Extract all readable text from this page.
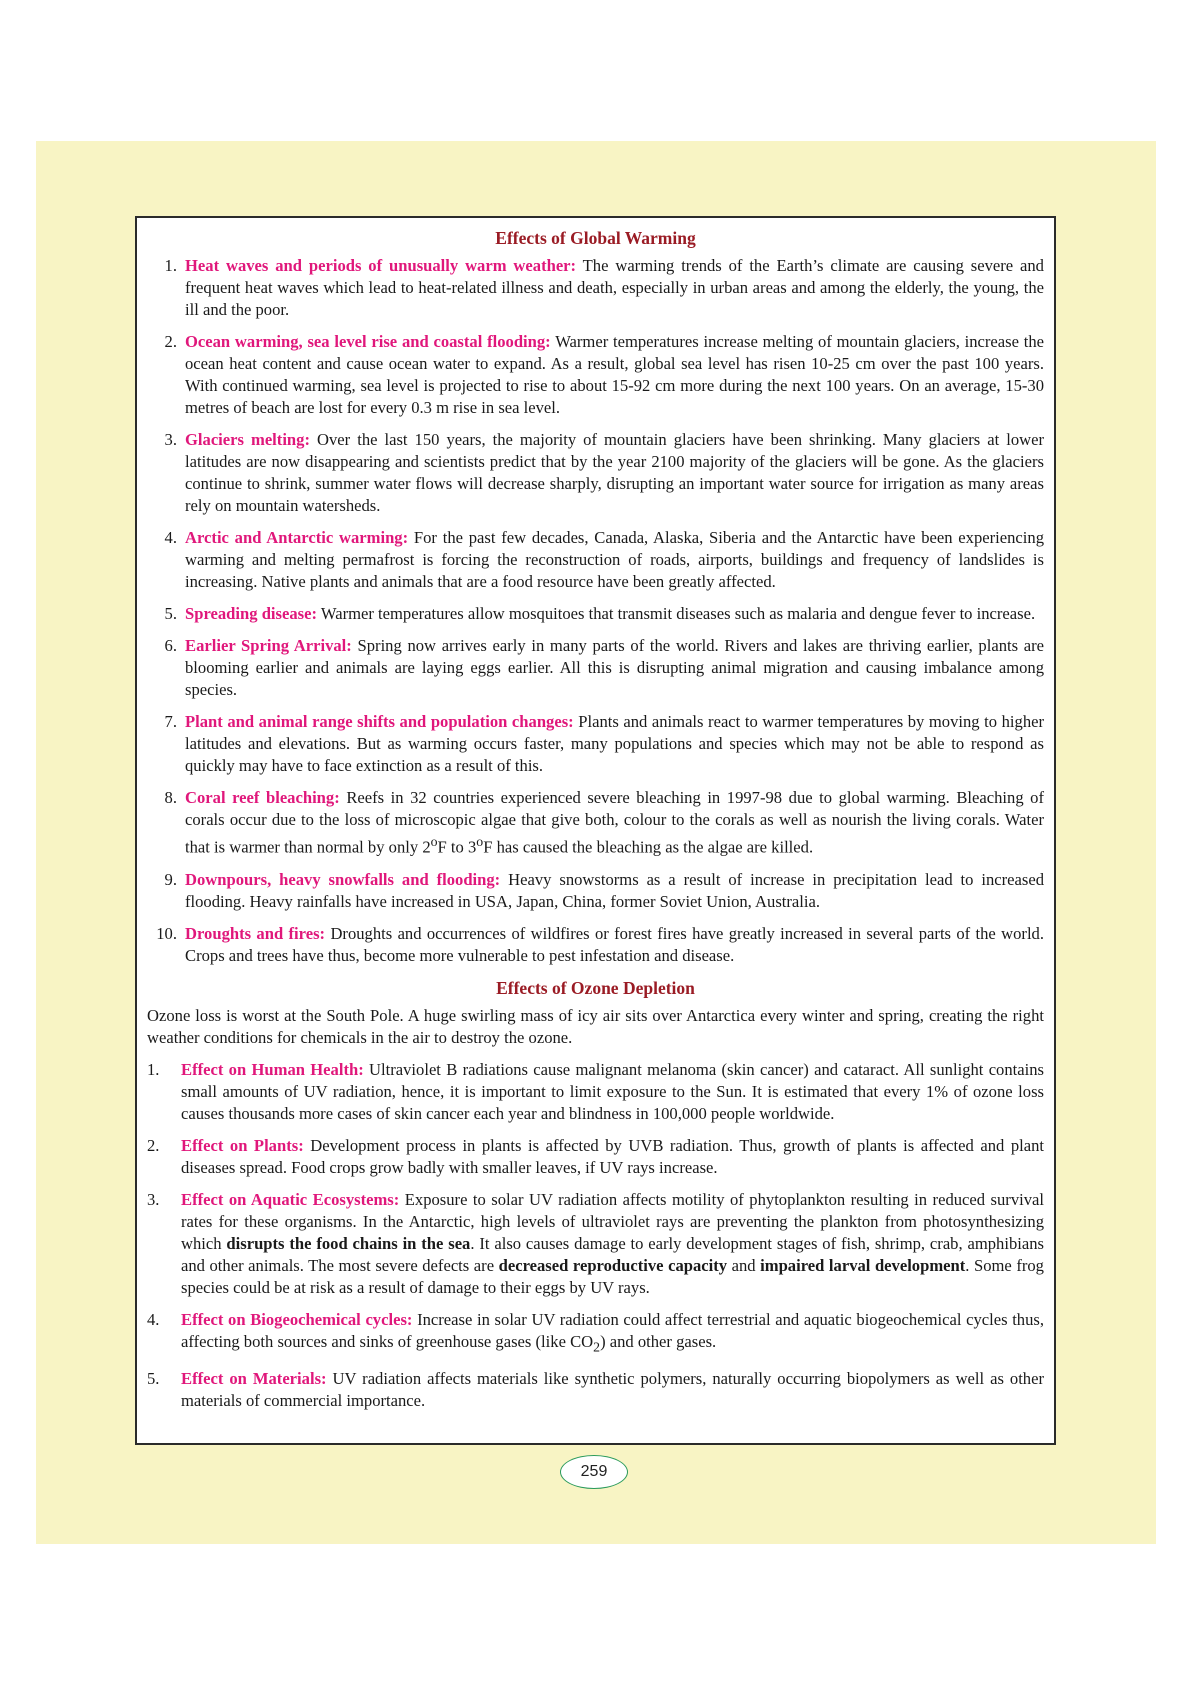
Effects of Global Warming
1. Heat waves and periods of unusually warm weather: The warming trends of the Earth’s climate are causing severe and frequent heat waves which lead to heat-related illness and death, especially in urban areas and among the elderly, the young, the ill and the poor.
2. Ocean warming, sea level rise and coastal flooding: Warmer temperatures increase melting of mountain glaciers, increase the ocean heat content and cause ocean water to expand. As a result, global sea level has risen 10-25 cm over the past 100 years. With continued warming, sea level is projected to rise to about 15-92 cm more during the next 100 years. On an average, 15-30 metres of beach are lost for every 0.3 m rise in sea level.
3. Glaciers melting: Over the last 150 years, the majority of mountain glaciers have been shrinking. Many glaciers at lower latitudes are now disappearing and scientists predict that by the year 2100 majority of the glaciers will be gone. As the glaciers continue to shrink, summer water flows will decrease sharply, disrupting an important water source for irrigation as many areas rely on mountain watersheds.
4. Arctic and Antarctic warming: For the past few decades, Canada, Alaska, Siberia and the Antarctic have been experiencing warming and melting permafrost is forcing the reconstruction of roads, airports, buildings and frequency of landslides is increasing. Native plants and animals that are a food resource have been greatly affected.
5. Spreading disease: Warmer temperatures allow mosquitoes that transmit diseases such as malaria and dengue fever to increase.
6. Earlier Spring Arrival: Spring now arrives early in many parts of the world. Rivers and lakes are thriving earlier, plants are blooming earlier and animals are laying eggs earlier. All this is disrupting animal migration and causing imbalance among species.
7. Plant and animal range shifts and population changes: Plants and animals react to warmer temperatures by moving to higher latitudes and elevations. But as warming occurs faster, many populations and species which may not be able to respond as quickly may have to face extinction as a result of this.
8. Coral reef bleaching: Reefs in 32 countries experienced severe bleaching in 1997-98 due to global warming. Bleaching of corals occur due to the loss of microscopic algae that give both, colour to the corals as well as nourish the living corals. Water that is warmer than normal by only 2$^o$F to 3$^o$F has caused the bleaching as the algae are killed.
9. Downpours, heavy snowfalls and flooding: Heavy snowstorms as a result of increase in precipitation lead to increased flooding. Heavy rainfalls have increased in USA, Japan, China, former Soviet Union, Australia.
10. Droughts and fires: Droughts and occurrences of wildfires or forest fires have greatly increased in several parts of the world. Crops and trees have thus, become more vulnerable to pest infestation and disease.
Effects of Ozone Depletion

Ozone loss is worst at the South Pole. A huge swirling mass of icy air sits over Antarctica every winter and spring, creating the right weather conditions for chemicals in the air to destroy the ozone.

1.	Effect on Human Health: Ultraviolet B radiations cause malignant melanoma (skin cancer) and cataract. All sunlight contains small amounts of UV radiation, hence, it is important to limit exposure to the Sun. It is estimated that every 1% of ozone loss causes thousands more cases of skin cancer each year and blindness in 100,000 people worldwide.
2.	Effect on Plants: Development process in plants is affected by UVB radiation. Thus, growth of plants is affected and plant diseases spread. Food crops grow badly with smaller leaves, if UV rays increase.
3.	Effect on Aquatic Ecosystems: Exposure to solar UV radiation affects motility of phytoplankton resulting in reduced survival rates for these organisms. In the Antarctic, high levels of ultraviolet rays are preventing the plankton from photosynthesizing which disrupts the food chains in the sea. It also causes damage to early development stages of fish, shrimp, crab, amphibians and other animals. The most severe defects are decreased reproductive capacity and impaired larval development. Some frog species could be at risk as a result of damage to their eggs by UV rays.
4.	Effect on Biogeochemical cycles: Increase in solar UV radiation could affect terrestrial and aquatic biogeochemical cycles thus, affecting both sources and sinks of greenhouse gases (like $CO_2$) and other gases.
5.	Effect on Materials: UV radiation affects materials like synthetic polymers, naturally occurring biopolymers as well as other materials of commercial importance.
259
